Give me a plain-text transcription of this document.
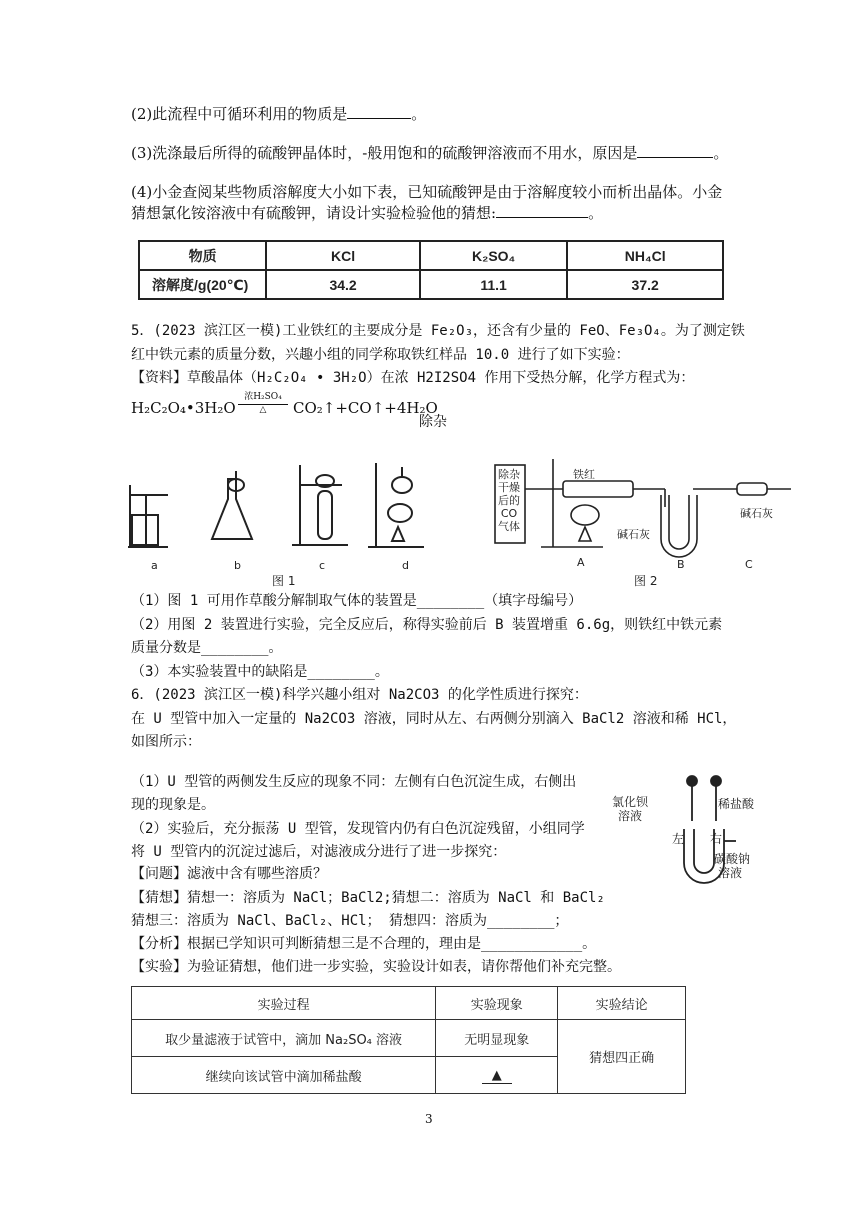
(2)此流程中可循环利用的物质是	。
(3)洗涤最后所得的硫酸钾晶体时，-般用饱和的硫酸钾溶液而不用水，原因是	。
(4)小金查阅某些物质溶解度大小如下表，已知硫酸钾是由于溶解度较小而析出晶体。小金
猜想氯化铵溶液中有硫酸钾，请设计实验检验他的猜想:	。
物质	KCl	K₂SO₄	NH₄Cl
溶解度/g(20℃)	34.2	11.1	37.2
5．(2023 滨江区一模)工业铁红的主要成分是 Fe₂O₃，还含有少量的 FeO、Fe₃O₄。为了测定铁
红中铁元素的质量分数，兴趣小组的同学称取铁红样品 10.0 进行了如下实验：
【资料】草酸晶体（H₂C₂O₄ • 3H₂O）在浓 H2I2SO4 作用下受热分解，化学方程式为：
H₂C₂O₄•3H₂O
浓H₂SO₄
△	CO₂↑+CO↑+4H₂O
除杂
a	b	c	d
图 1
除杂
干燥
后的
CO
气体
铁红
碱石灰
碱石灰
A	B	C
图 2
（1）图 1 可用作草酸分解制取气体的装置是________（填字母编号）
（2）用图 2 装置进行实验，完全反应后，称得实验前后 B 装置增重 6.6g，则铁红中铁元素
质量分数是________。
（3）本实验装置中的缺陷是________。
6．(2023 滨江区一模)科学兴趣小组对 Na2CO3 的化学性质进行探究：
在 U 型管中加入一定量的 Na2CO3 溶液，同时从左、右两侧分别滴入 BaCl2 溶液和稀 HCl，
如图所示：
（1）U 型管的两侧发生反应的现象不同：左侧有白色沉淀生成，右侧出
现的现象是。
（2）实验后，充分振荡 U 型管，发现管内仍有白色沉淀残留，小组同学
将 U 型管内的沉淀过滤后，对滤液成分进行了进一步探究：
【问题】滤液中含有哪些溶质？
【猜想】猜想一：溶质为 NaCl；BaCl2;猜想二：溶质为 NaCl 和 BaCl₂
猜想三：溶质为 NaCl、BaCl₂、HCl； 猜想四：溶质为________；
【分析】根据已学知识可判断猜想三是不合理的，理由是____________。
【实验】为验证猜想，他们进一步实验，实验设计如表，请你帮他们补充完整。
氯化钡
溶液
稀盐酸
左 右
碳酸钠
溶液
实验过程	实验现象	实验结论
取少量滤液于试管中，滴加 Na₂SO₄ 溶液	无明显现象	猜想四正确
继续向该试管中滴加稀盐酸	▲	
3
